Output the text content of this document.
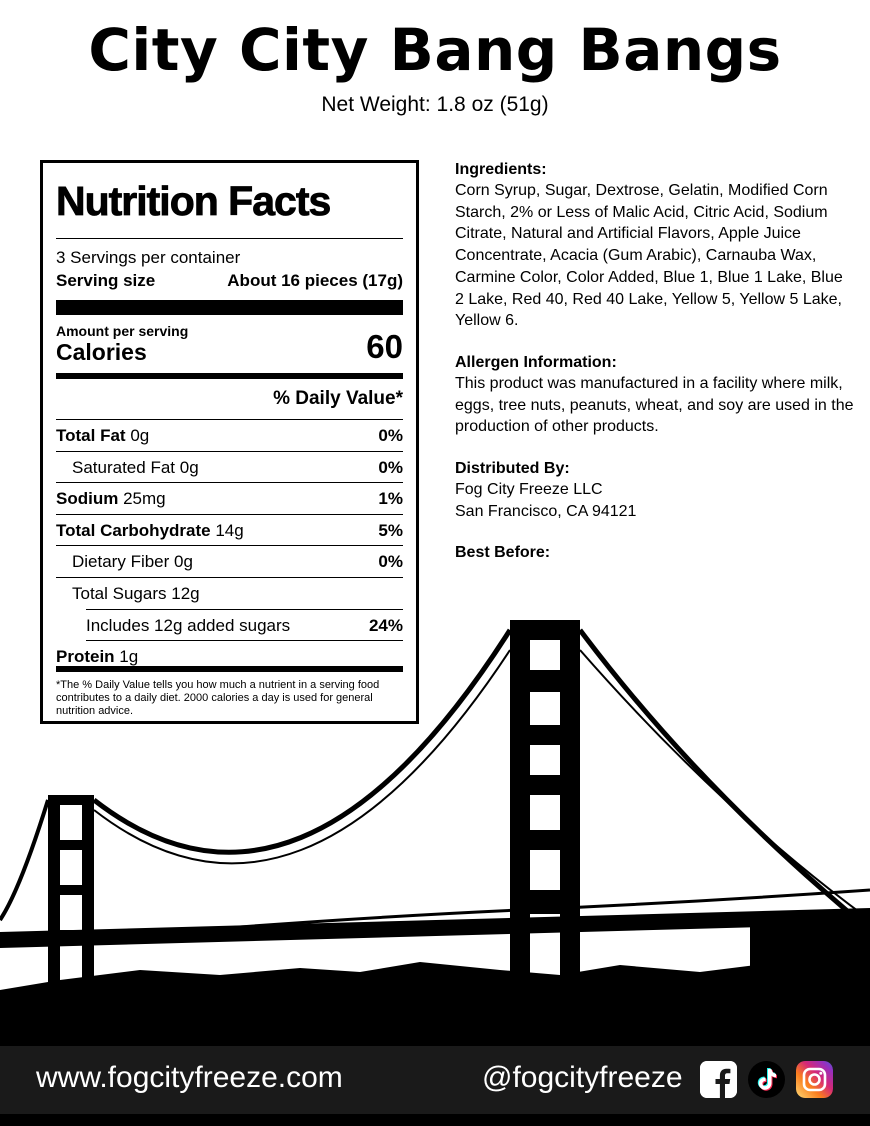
City City Bang Bangs
Net Weight: 1.8 oz (51g)
Nutrition Facts
3 Servings per container
Serving size	About 16 pieces (17g)
Amount per serving
Calories	60
% Daily Value*
Total Fat 0g	0%
Saturated Fat 0g	0%
Sodium 25mg	1%
Total Carbohydrate 14g	5%
Dietary Fiber 0g	0%
Total Sugars 12g
Includes 12g added sugars	24%
Protein 1g
*The % Daily Value tells you how much a nutrient in a serving food contributes to a daily diet. 2000 calories a day is used for general nutrition advice.
Ingredients:

Corn Syrup, Sugar, Dextrose, Gelatin, Modified Corn Starch, 2% or Less of Malic Acid, Citric Acid, Sodium Citrate, Natural and Artificial Flavors, Apple Juice Concentrate, Acacia (Gum Arabic), Carnauba Wax, Carmine Color, Color Added, Blue 1, Blue 1 Lake, Blue 2 Lake, Red 40, Red 40 Lake, Yellow 5, Yellow 5 Lake, Yellow 6.

Allergen Information:

This product was manufactured in a facility where milk, eggs, tree nuts, peanuts, wheat, and soy are used in the production of other products.

Distributed By:

Fog City Freeze LLC

San Francisco, CA 94121

Best Before:
www.fogcityfreeze.com	@fogcityfreeze
